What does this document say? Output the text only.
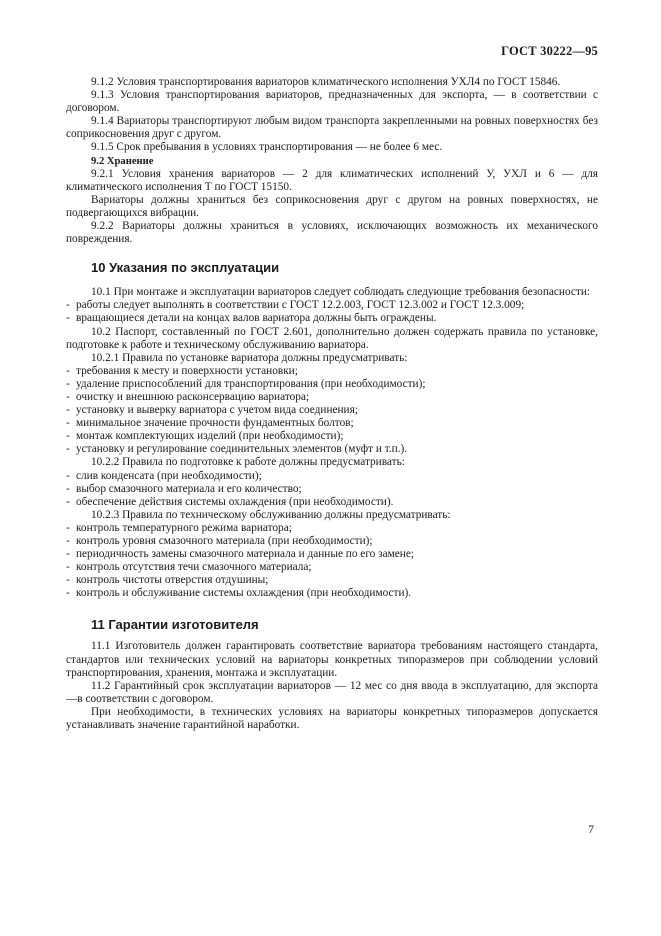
ГОСТ 30222—95

9.1.2 Условия транспортирования вариаторов климатического исполнения УХЛ4 по ГОСТ 15846.

9.1.3 Условия транспортирования вариаторов, предназначенных для экспорта, — в соответствии с договором.

9.1.4 Вариаторы транспортируют любым видом транспорта закрепленными на ровных поверхностях без соприкосновения друг с другом.

9.1.5 Срок пребывания в условиях транспортирования — не более 6 мес.

9.2 Хранение

9.2.1 Условия хранения вариаторов — 2 для климатических исполнений У, УХЛ и 6 — для климатического исполнения Т по ГОСТ 15150.

Вариаторы должны храниться без соприкосновения друг с другом на ровных поверхностях, не подвергающихся вибрации.

9.2.2 Вариаторы должны храниться в условиях, исключающих возможность их механического повреждения.

10 Указания по эксплуатации

10.1 При монтаже и эксплуатации вариаторов следует соблюдать следующие требования безопасности:

- работы следует выполнять в соответствии с ГОСТ 12.2.003, ГОСТ 12.3.002 и ГОСТ 12.3.009;

- вращающиеся детали на концах валов вариатора должны быть ограждены.

10.2 Паспорт, составленный по ГОСТ 2.601, дополнительно должен содержать правила по установке, подготовке к работе и техническому обслуживанию вариатора.

10.2.1 Правила по установке вариатора должны предусматривать:

- требования к месту и поверхности установки;

- удаление приспособлений для транспортирования (при необходимости);

- очистку и внешнюю расконсервацию вариатора;

- установку и выверку вариатора с учетом вида соединения;

- минимальное значение прочности фундаментных болтов;

- монтаж комплектующих изделий (при необходимости);

- установку и регулирование соединительных элементов (муфт и т.п.).

10.2.2 Правила по подготовке к работе должны предусматривать:

- слив конденсата (при необходимости);

- выбор смазочного материала и его количество;

- обеспечение действия системы охлаждения (при необходимости).

10.2.3 Правила по техническому обслуживанию должны предусматривать:

- контроль температурного режима вариатора;

- контроль уровня смазочного материала (при необходимости);

- периодичность замены смазочного материала и данные по его замене;

- контроль отсутствия течи смазочного материала;

- контроль чистоты отверстия отдушины;

- контроль и обслуживание системы охлаждения (при необходимости).

11 Гарантии изготовителя

11.1 Изготовитель должен гарантировать соответствие вариатора требованиям настоящего стандарта, стандартов или технических условий на вариаторы конкретных типоразмеров при соблюдении условий транспортирования, хранения, монтажа и эксплуатации.

11.2 Гарантийный срок эксплуатации вариаторов — 12 мес со дня ввода в эксплуатацию, для экспорта —в соответствии с договором.

При необходимости, в технических условиях на вариаторы конкретных типоразмеров допускается устанавливать значение гарантийной наработки.

7
